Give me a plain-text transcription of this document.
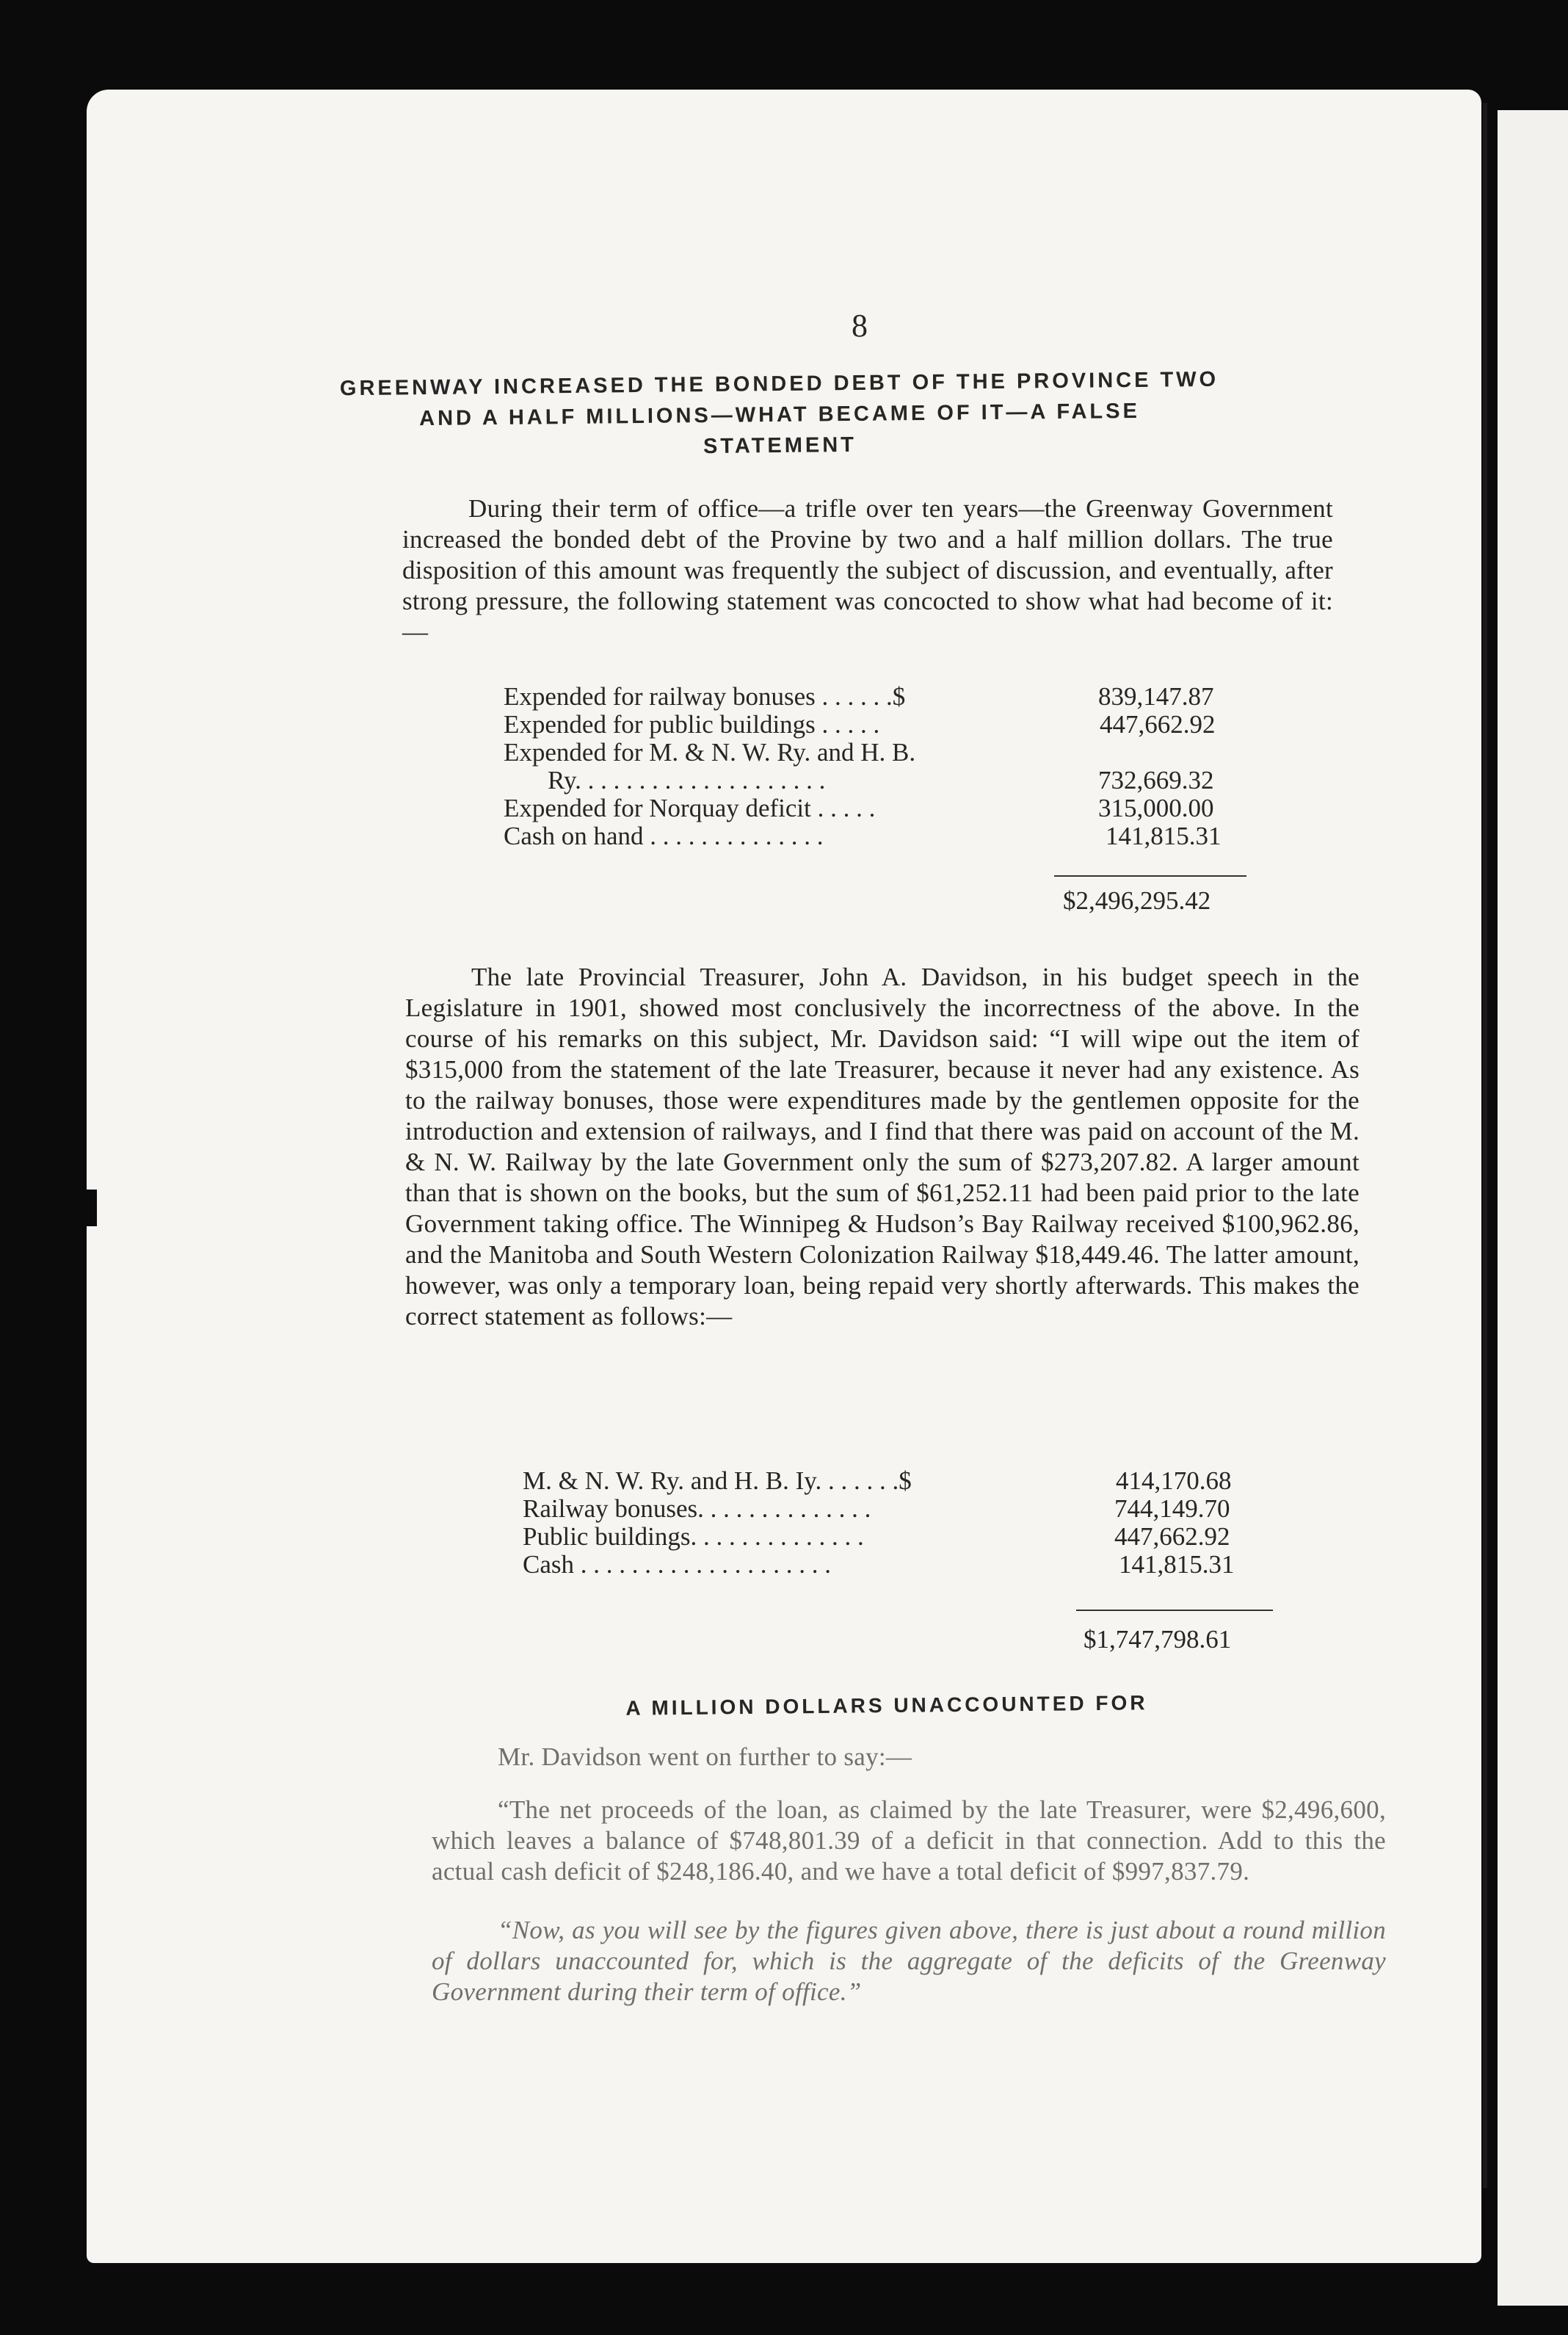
8
GREENWAY INCREASED THE BONDED DEBT OF THE PROVINCE TWO
AND A HALF MILLIONS—WHAT BECAME OF IT—A FALSE
STATEMENT

During their term of office—a trifle over ten years—the Greenway Government increased the bonded debt of the Provine by two and a half million dollars. The true disposition of this amount was frequently the subject of discussion, and eventually, after strong pressure, the following statement was concocted to show what had become of it:—

Expended for railway bonuses . . . . . .$	839,147.87
Expended for public buildings . . . . .	447,662.92
Expended for M. & N. W. Ry. and H. B.
Ry. . . . . . . . . . . . . . . . . . . .	732,669.32
Expended for Norquay deficit . . . . .	315,000.00
Cash on hand . . . . . . . . . . . . . .	141,815.31
$2,496,295.42

The late Provincial Treasurer, John A. Davidson, in his budget speech in the Legislature in 1901, showed most conclusively the incorrectness of the above. In the course of his remarks on this subject, Mr. Davidson said: “I will wipe out the item of $315,000 from the statement of the late Treasurer, because it never had any existence. As to the railway bonuses, those were expenditures made by the gentlemen opposite for the introduction and extension of railways, and I find that there was paid on account of the M. & N. W. Railway by the late Government only the sum of $273,207.82. A larger amount than that is shown on the books, but the sum of $61,252.11 had been paid prior to the late Government taking office. The Winnipeg & Hudson’s Bay Railway received $100,962.86, and the Manitoba and South Western Colonization Railway $18,449.46. The latter amount, however, was only a temporary loan, being repaid very shortly afterwards. This makes the correct statement as follows:—

M. & N. W. Ry. and H. B. Iy. . . . . . .$	414,170.68
Railway bonuses. . . . . . . . . . . . . .	744,149.70
Public buildings. . . . . . . . . . . . . .	447,662.92
Cash . . . . . . . . . . . . . . . . . . . .	141,815.31
$1,747,798.61
A MILLION DOLLARS UNACCOUNTED FOR

Mr. Davidson went on further to say:—

“The net proceeds of the loan, as claimed by the late Treasurer, were $2,496,600, which leaves a balance of $748,801.39 of a deficit in that connection. Add to this the actual cash deficit of $248,186.40, and we have a total deficit of $997,837.79.

“Now, as you will see by the figures given above, there is just about a round million of dollars unaccounted for, which is the aggregate of the deficits of the Greenway Government during their term of office.”
